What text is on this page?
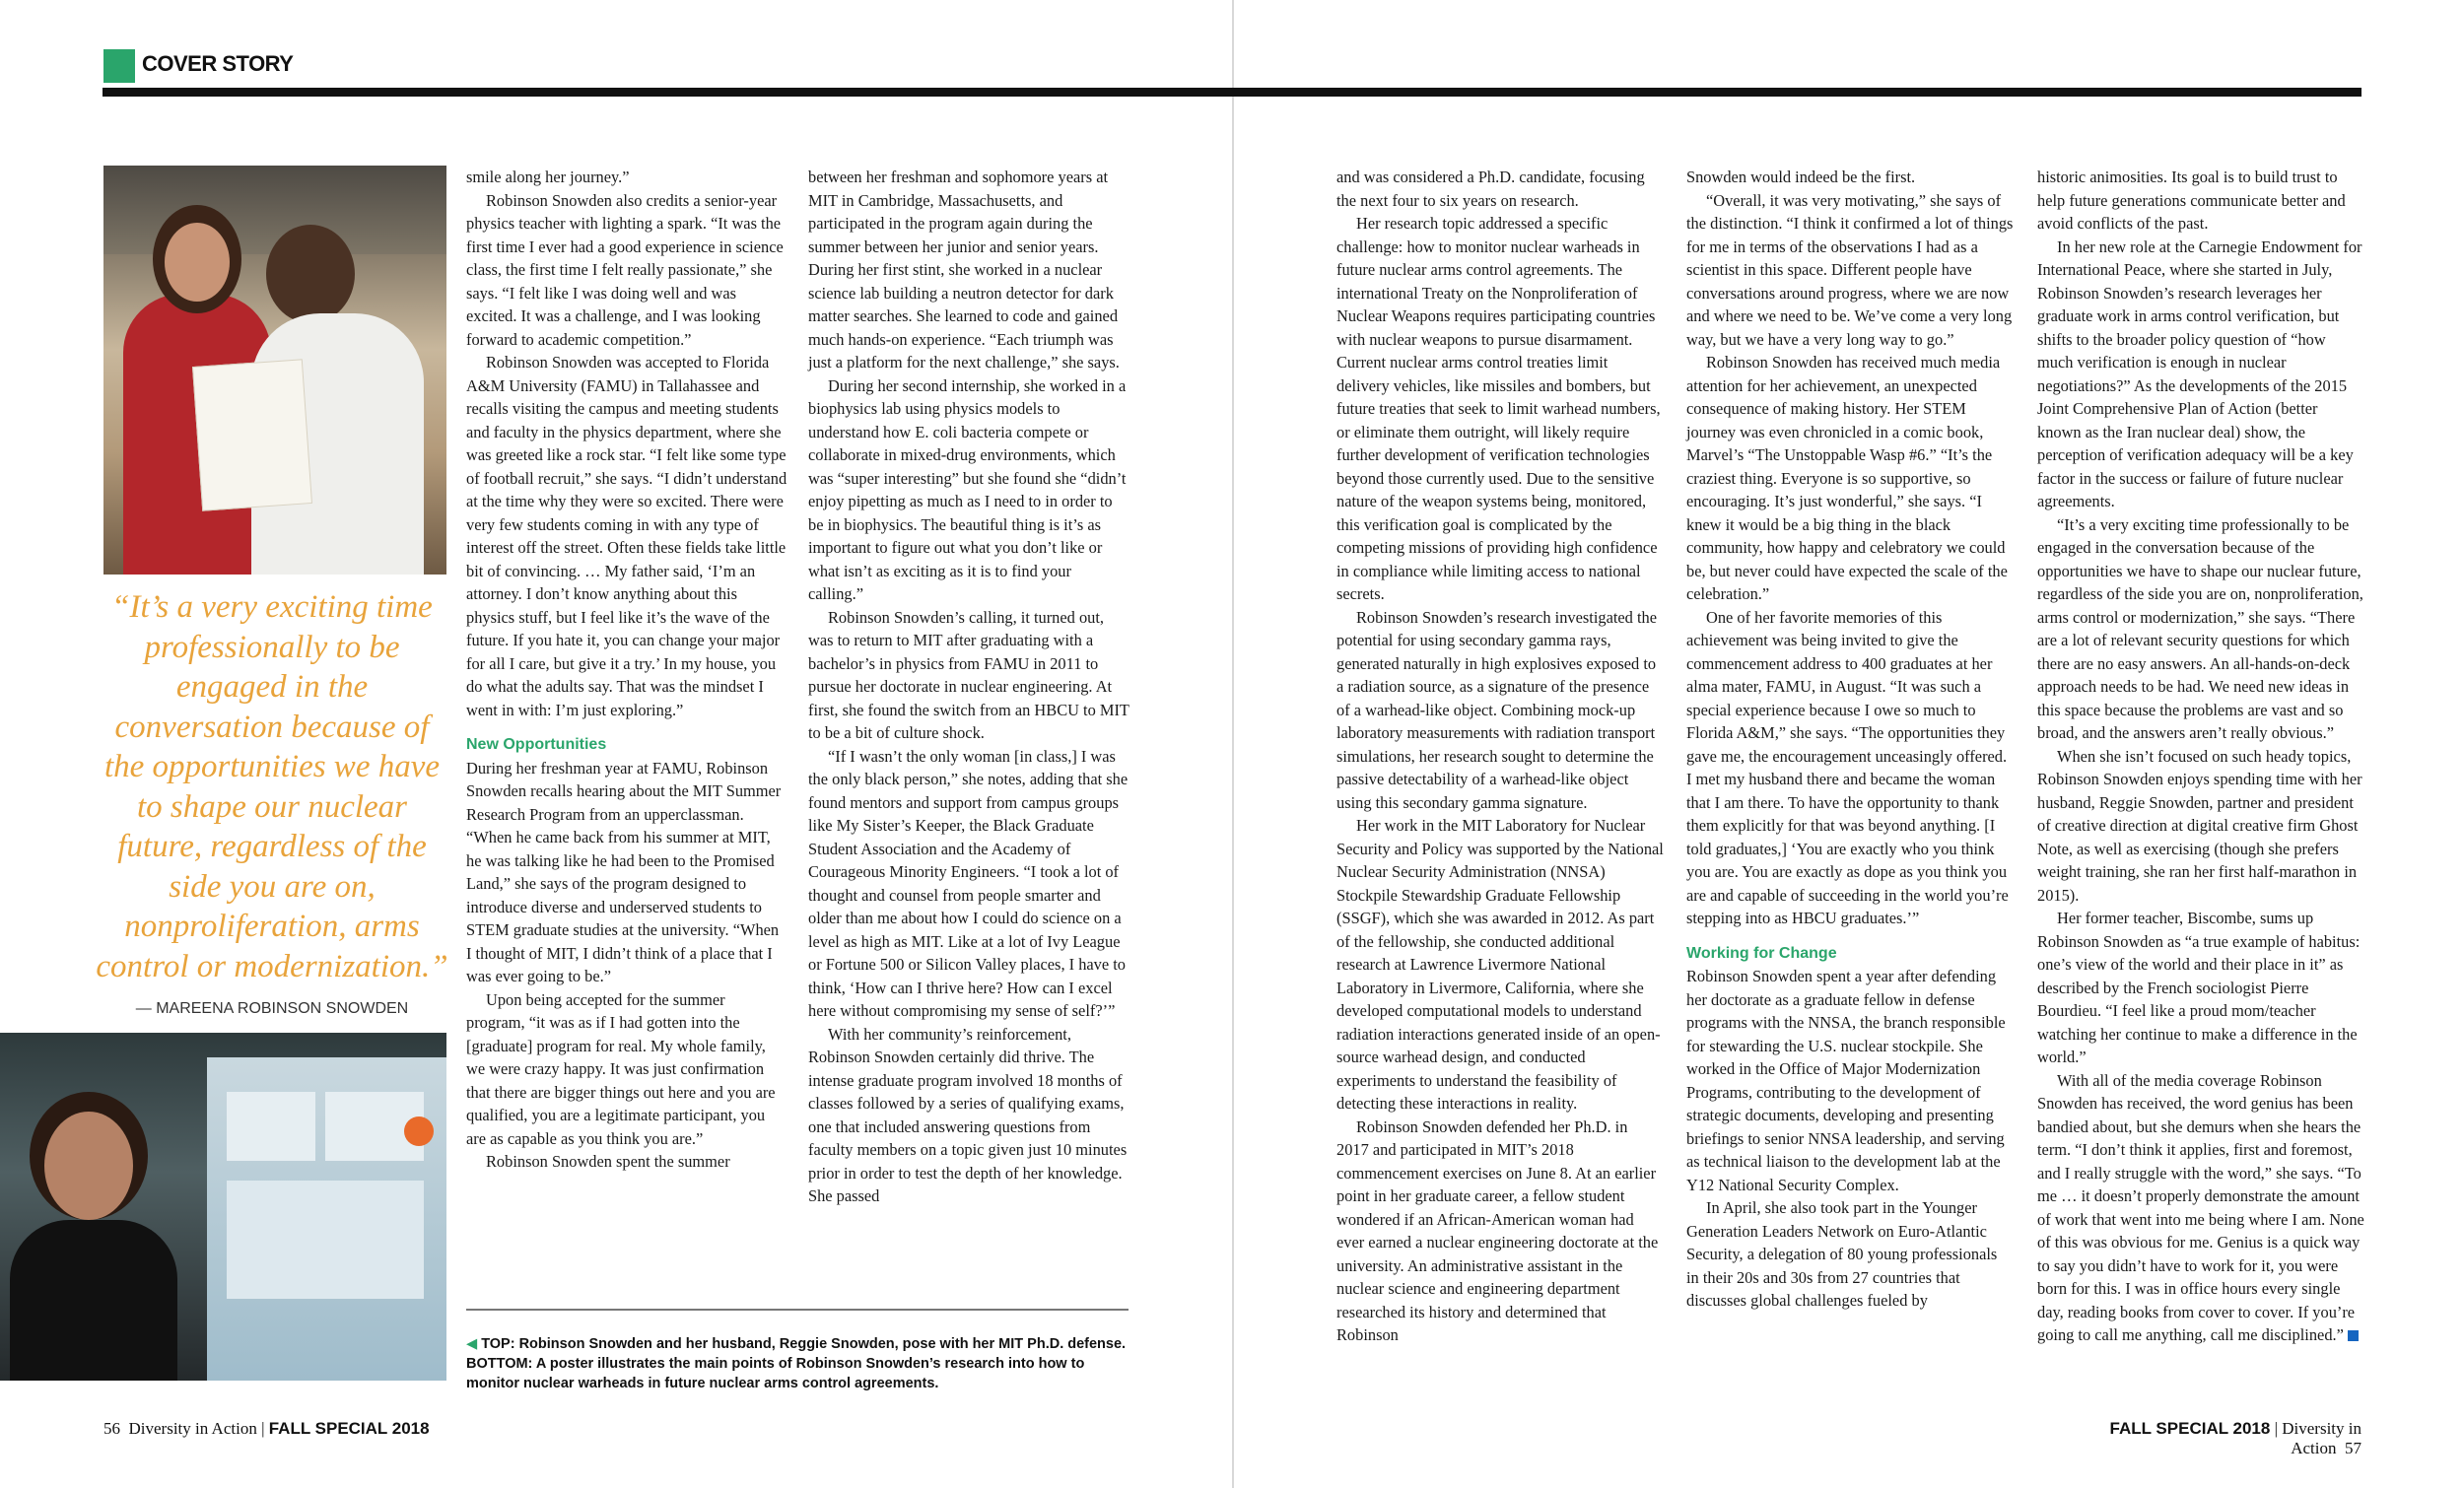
COVER STORY
“It’s a very exciting time professionally to be engaged in the conversation because of the opportunities we have to shape our nuclear future, regardless of the side you are on, nonproliferation, arms control or modernization.”
— MAREENA ROBINSON SNOWDEN

smile along her journey.”

Robinson Snowden also credits a senior-year physics teacher with lighting a spark. “It was the first time I ever had a good experience in science class, the first time I felt really passionate,” she says. “I felt like I was doing well and was excited. It was a challenge, and I was looking forward to academic competition.”

Robinson Snowden was accepted to Florida A&M University (FAMU) in Tallahassee and recalls visiting the campus and meeting students and faculty in the physics department, where she was greeted like a rock star. “I felt like some type of football recruit,” she says. “I didn’t understand at the time why they were so excited. There were very few students coming in with any type of interest off the street. Often these fields take little bit of convincing. … My father said, ‘I’m an attorney. I don’t know anything about this physics stuff, but I feel like it’s the wave of the future. If you hate it, you can change your major for all I care, but give it a try.’ In my house, you do what the adults say. That was the mindset I went in with: I’m just exploring.”

New Opportunities

During her freshman year at FAMU, Robinson Snowden recalls hearing about the MIT Summer Research Program from an upperclassman. “When he came back from his summer at MIT, he was talking like he had been to the Promised Land,” she says of the program designed to introduce diverse and underserved students to STEM graduate studies at the university. “When I thought of MIT, I didn’t think of a place that I was ever going to be.”

Upon being accepted for the summer program, “it was as if I had gotten into the [graduate] program for real. My whole family, we were crazy happy. It was just confirmation that there are bigger things out here and you are qualified, you are a legitimate participant, you are as capable as you think you are.”

Robinson Snowden spent the summer

between her freshman and sophomore years at MIT in Cambridge, Massachusetts, and participated in the program again during the summer between her junior and senior years. During her first stint, she worked in a nuclear science lab building a neutron detector for dark matter searches. She learned to code and gained much hands-on experience. “Each triumph was just a platform for the next challenge,” she says.

During her second internship, she worked in a biophysics lab using physics models to understand how E. coli bacteria compete or collaborate in mixed-drug environments, which was “super interesting” but she found she “didn’t enjoy pipetting as much as I need to in order to be in biophysics. The beautiful thing is it’s as important to figure out what you don’t like or what isn’t as exciting as it is to find your calling.”

Robinson Snowden’s calling, it turned out, was to return to MIT after graduating with a bachelor’s in physics from FAMU in 2011 to pursue her doctorate in nuclear engineering. At first, she found the switch from an HBCU to MIT to be a bit of culture shock.

“If I wasn’t the only woman [in class,] I was the only black person,” she notes, adding that she found mentors and support from campus groups like My Sister’s Keeper, the Black Graduate Student Association and the Academy of Courageous Minority Engineers. “I took a lot of thought and counsel from people smarter and older than me about how I could do science on a level as high as MIT. Like at a lot of Ivy League or Fortune 500 or Silicon Valley places, I have to think, ‘How can I thrive here? How can I excel here without compromising my sense of self?’”

With her community’s reinforcement, Robinson Snowden certainly did thrive. The intense graduate program involved 18 months of classes followed by a series of qualifying exams, one that included answering questions from faculty members on a topic given just 10 minutes prior in order to test the depth of her knowledge. She passed

◀ TOP: Robinson Snowden and her husband, Reggie Snowden, pose with her MIT Ph.D. defense. BOTTOM: A poster illustrates the main points of Robinson Snowden’s research into how to monitor nuclear warheads in future nuclear arms control agreements.
56 Diversity in Action | FALL SPECIAL 2018

and was considered a Ph.D. candidate, focusing the next four to six years on research.

Her research topic addressed a specific challenge: how to monitor nuclear warheads in future nuclear arms control agreements. The international Treaty on the Nonproliferation of Nuclear Weapons requires participating countries with nuclear weapons to pursue disarmament. Current nuclear arms control treaties limit delivery vehicles, like missiles and bombers, but future treaties that seek to limit warhead numbers, or eliminate them outright, will likely require further development of verification technologies beyond those currently used. Due to the sensitive nature of the weapon systems being, monitored, this verification goal is complicated by the competing missions of providing high confidence in compliance while limiting access to national secrets.

Robinson Snowden’s research investigated the potential for using secondary gamma rays, generated naturally in high explosives exposed to a radiation source, as a signature of the presence of a warhead-like object. Combining mock-up laboratory measurements with radiation transport simulations, her research sought to determine the passive detectability of a warhead-like object using this secondary gamma signature.

Her work in the MIT Laboratory for Nuclear Security and Policy was supported by the National Nuclear Security Administration (NNSA) Stockpile Stewardship Graduate Fellowship (SSGF), which she was awarded in 2012. As part of the fellowship, she conducted additional research at Lawrence Livermore National Laboratory in Livermore, California, where she developed computational models to understand radiation interactions generated inside of an open-source warhead design, and conducted experiments to understand the feasibility of detecting these interactions in reality.

Robinson Snowden defended her Ph.D. in 2017 and participated in MIT’s 2018 commencement exercises on June 8. At an earlier point in her graduate career, a fellow student wondered if an African-American woman had ever earned a nuclear engineering doctorate at the university. An administrative assistant in the nuclear science and engineering department researched its history and determined that Robinson

Snowden would indeed be the first.

“Overall, it was very motivating,” she says of the distinction. “I think it confirmed a lot of things for me in terms of the observations I had as a scientist in this space. Different people have conversations around progress, where we are now and where we need to be. We’ve come a very long way, but we have a very long way to go.”

Robinson Snowden has received much media attention for her achievement, an unexpected consequence of making history. Her STEM journey was even chronicled in a comic book, Marvel’s “The Unstoppable Wasp #6.” “It’s the craziest thing. Everyone is so supportive, so encouraging. It’s just wonderful,” she says. “I knew it would be a big thing in the black community, how happy and celebratory we could be, but never could have expected the scale of the celebration.”

One of her favorite memories of this achievement was being invited to give the commencement address to 400 graduates at her alma mater, FAMU, in August. “It was such a special experience because I owe so much to Florida A&M,” she says. “The opportunities they gave me, the encouragement unceasingly offered. I met my husband there and became the woman that I am there. To have the opportunity to thank them explicitly for that was beyond anything. [I told graduates,] ‘You are exactly who you think you are. You are exactly as dope as you think you are and capable of succeeding in the world you’re stepping into as HBCU graduates.’”

Working for Change

Robinson Snowden spent a year after defending her doctorate as a graduate fellow in defense programs with the NNSA, the branch responsible for stewarding the U.S. nuclear stockpile. She worked in the Office of Major Modernization Programs, contributing to the development of strategic documents, developing and presenting briefings to senior NNSA leadership, and serving as technical liaison to the development lab at the Y12 National Security Complex.

In April, she also took part in the Younger Generation Leaders Network on Euro-Atlantic Security, a delegation of 80 young professionals in their 20s and 30s from 27 countries that discusses global challenges fueled by

historic animosities. Its goal is to build trust to help future generations communicate better and avoid conflicts of the past.

In her new role at the Carnegie Endowment for International Peace, where she started in July, Robinson Snowden’s research leverages her graduate work in arms control verification, but shifts to the broader policy question of “how much verification is enough in nuclear negotiations?” As the developments of the 2015 Joint Comprehensive Plan of Action (better known as the Iran nuclear deal) show, the perception of verification adequacy will be a key factor in the success or failure of future nuclear agreements.

“It’s a very exciting time professionally to be engaged in the conversation because of the opportunities we have to shape our nuclear future, regardless of the side you are on, nonproliferation, arms control or modernization,” she says. “There are a lot of relevant security questions for which there are no easy answers. An all-hands-on-deck approach needs to be had. We need new ideas in this space because the problems are vast and so broad, and the answers aren’t really obvious.”

When she isn’t focused on such heady topics, Robinson Snowden enjoys spending time with her husband, Reggie Snowden, partner and president of creative direction at digital creative firm Ghost Note, as well as exercising (though she prefers weight training, she ran her first half-marathon in 2015).

Her former teacher, Biscombe, sums up Robinson Snowden as “a true example of habitus: one’s view of the world and their place in it” as described by the French sociologist Pierre Bourdieu. “I feel like a proud mom/teacher watching her continue to make a difference in the world.”

With all of the media coverage Robinson Snowden has received, the word genius has been bandied about, but she demurs when she hears the term. “I don’t think it applies, first and foremost, and I really struggle with the word,” she says. “To me … it doesn’t properly demonstrate the amount of work that went into me being where I am. None of this was obvious for me. Genius is a quick way to say you didn’t have to work for it, you were born for this. I was in office hours every single day, reading books from cover to cover. If you’re going to call me anything, call me disciplined.”

FALL SPECIAL 2018 | Diversity in Action 57
